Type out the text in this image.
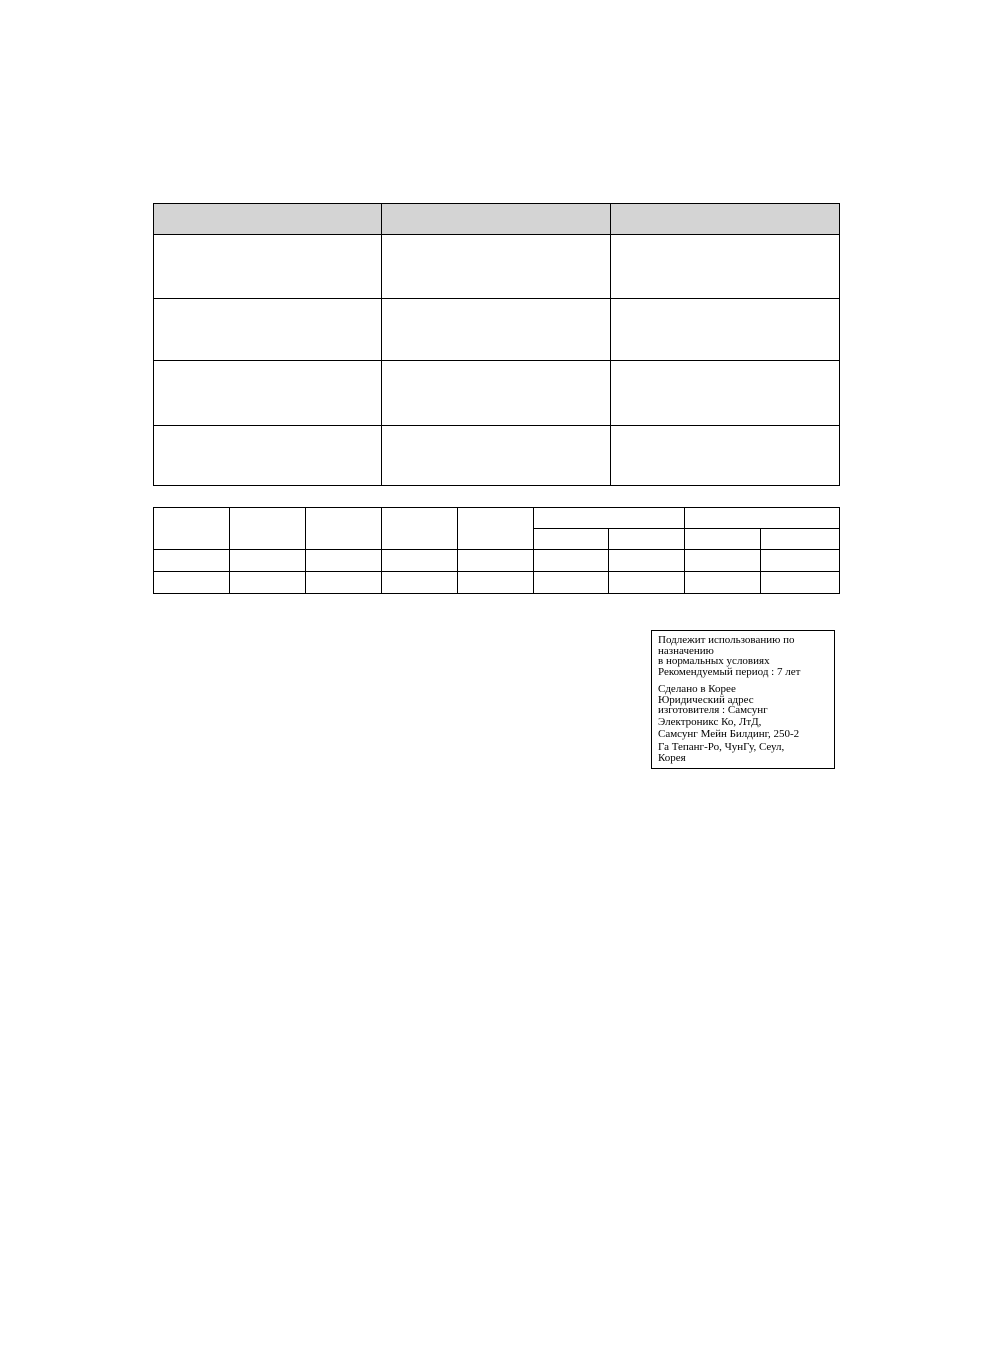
Подлежит использованию по
назначению
в нормальных условиях
Рекомендуемый период : 7 лет
Сделано в Корее
Юридический адрес
изготовителя : Самсунг
Электроникс Ко, ЛтД,
Самсунг Мейн Билдинг, 250-2
Га Тепанг-Ро, ЧунГу, Сеул,
Корея
